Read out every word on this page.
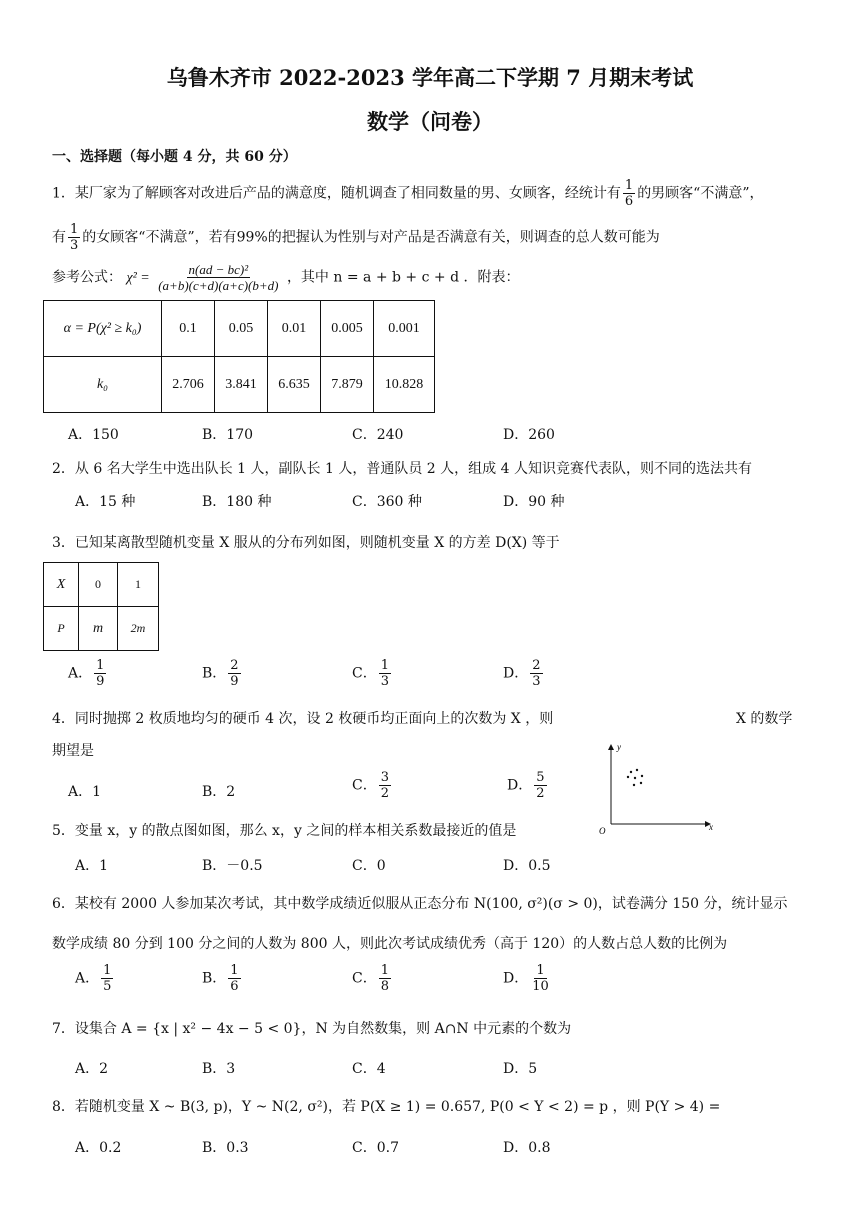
乌鲁木齐市 2022-2023 学年高二下学期 7 月期末考试
数学（问卷）
一、选择题（每小题 4 分，共 60 分）
1．某厂家为了解顾客对改进后产品的满意度，随机调查了相同数量的男、女顾客，经统计有 $\frac{1}{6}$ 的男顾客“不满意”，
有 $\frac{1}{3}$ 的女顾客“不满意”，若有99%的把握认为性别与对产品是否满意有关，则调查的总人数可能为
参考公式： $\chi^2 = \frac{\text{n(ad − bc)²}}{(a+b)(c+d)(a+c)(b+d)}$ ，其中 n = a + b + c + d ．附表：
α = P(χ² ≥ k₀)	0.1	0.05	0.01	0.005	0.001
k₀	2.706	3.841	6.635	7.879	10.828
A．150	B．170	C．240	D．260
2．从 6 名大学生中选出队长 1 人，副队长 1 人，普通队员 2 人，组成 4 人知识竞赛代表队，则不同的选法共有
A．15 种	B．180 种	C．360 种	D．90 种
3．已知某离散型随机变量 X 服从的分布列如图，则随机变量 X 的方差 D(X) 等于
X	0	1
P	m	2m
A． $\frac{1}{9}$	B． $\frac{2}{9}$	C． $\frac{1}{3}$	D． $\frac{2}{3}$
4．同时抛掷 2 枚质地均匀的硬币 4 次，设 2 枚硬币均正面向上的次数为 X ，则	X 的数学
期望是
A．1	B．2	C． $\frac{3}{2}$	D． $\frac{5}{2}$
y
x
O
5．变量 x，y 的散点图如图，那么 x，y 之间的样本相关系数最接近的值是
A．1	B．－0.5	C．0	D．0.5
6．某校有 2000 人参加某次考试，其中数学成绩近似服从正态分布 N(100, σ²)(σ > 0)，试卷满分 150 分，统计显示
数学成绩 80 分到 100 分之间的人数为 800 人，则此次考试成绩优秀（高于 120）的人数占总人数的比例为
A． $\frac{1}{5}$	B． $\frac{1}{6}$	C． $\frac{1}{8}$	D． $\frac{1}{10}$
7．设集合 A = {x | x² − 4x − 5 < 0}，N 为自然数集，则 A∩N 中元素的个数为
A．2	B．3	C．4	D．5
8．若随机变量 X ~ B(3, p)，Y ~ N(2, σ²)，若 P(X ≥ 1) = 0.657, P(0 < Y < 2) = p ，则 P(Y > 4) =
A．0.2	B．0.3	C．0.7	D．0.8
